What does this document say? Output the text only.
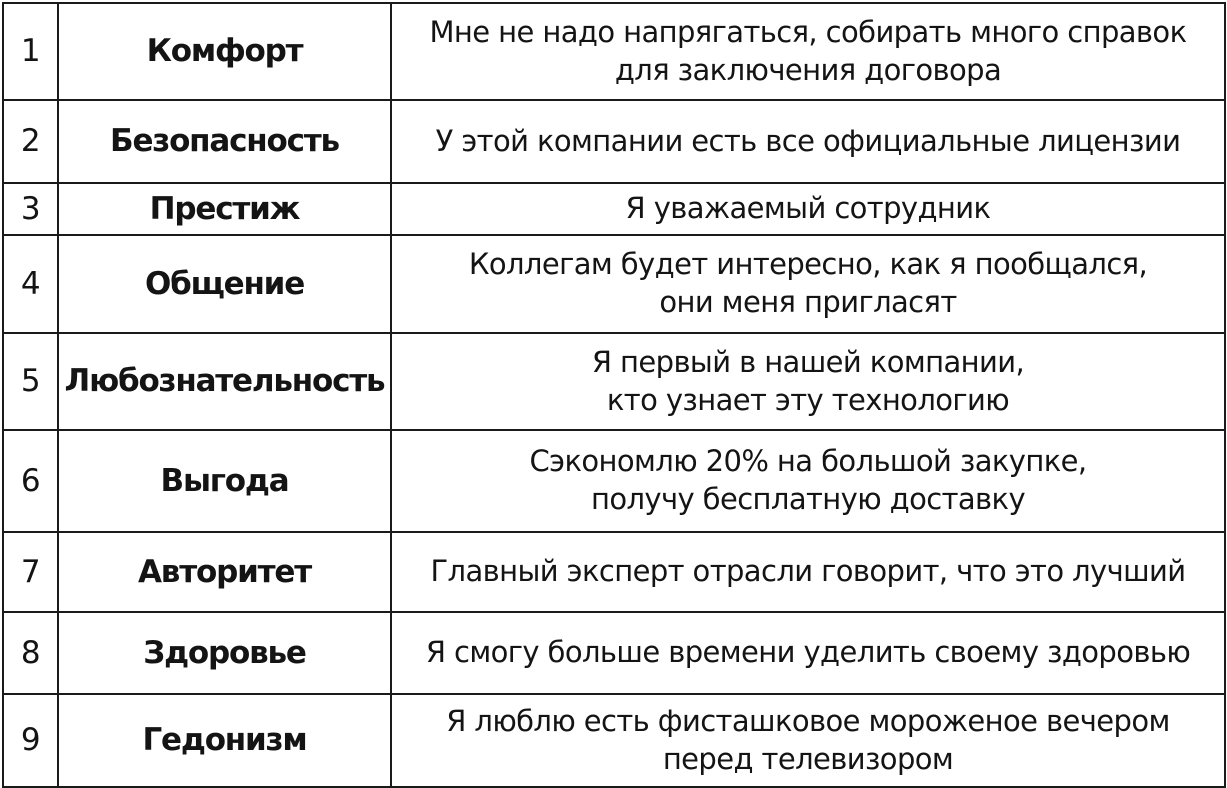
1	Комфорт	Мне не надо напрягаться, собирать много справок
для заключения договора

2	Безопасность	У этой компании есть все официальные лицензии

3	Престиж	Я уважаемый сотрудник

4	Общение	Коллегам будет интересно, как я пообщался,
они меня пригласят

5	Любознательность	Я первый в нашей компании,
кто узнает эту технологию

6	Выгода	Сэкономлю 20% на большой закупке,
получу бесплатную доставку

7	Авторитет	Главный эксперт отрасли говорит, что это лучший

8	Здоровье	Я смогу больше времени уделить своему здоровью

9	Гедонизм	Я люблю есть фисташковое мороженое вечером
перед телевизором
